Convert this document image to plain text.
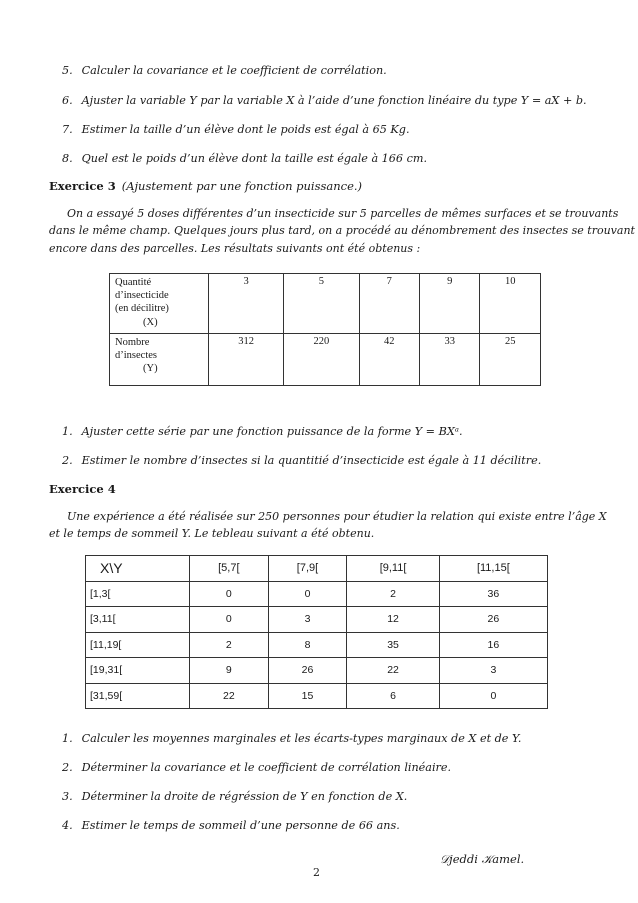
5. Calculer la covariance et le coefficient de corrélation.
6. Ajuster la variable Y par la variable X à l’aide d’une fonction linéaire du type Y = aX + b.
7. Estimer la taille d’un élève dont le poids est égal à 65 Kg.
8. Quel est le poids d’un élève dont la taille est égale à 166 cm.
Exercice 3 (Ajustement par une fonction puissance.)
On a essayé 5 doses différentes d’un insecticide sur 5 parcelles de mêmes surfaces et se trouvants
dans le même champ. Quelques jours plus tard, on a procédé au dénombrement des insectes se trouvant
encore dans des parcelles. Les résultats suivants ont été obtenus :
Quantité
d’insecticide
(en décilitre)
(X)	3	5	7	9	10

Nombre
d’insectes
(Y)	312	220	42	33	25
1. Ajuster cette série par une fonction puissance de la forme Y = BXᵃ.
2. Estimer le nombre d’insectes si la quantitié d’insecticide est égale à 11 décilitre.
Exercice 4
Une expérience a été réalisée sur 250 personnes pour étudier la relation qui existe entre l’âge X
et le temps de sommeil Y. Le tebleau suivant a été obtenu.
X\Y	[5,7[	[7,9[	[9,11[	[11,15[
[1,3[	0	0	2	36
[3,11[	0	3	12	26
[11,19[	2	8	35	16
[19,31[	9	26	22	3
[31,59[	22	15	6	0
1. Calculer les moyennes marginales et les écarts-types marginaux de X et de Y.
2. Déterminer la covariance et le coefficient de corrélation linéaire.
3. Déterminer la droite de régréssion de Y en fonction de X.
4. Estimer le temps de sommeil d’une personne de 66 ans.
𝒟jeddi 𝒦amel.
2
